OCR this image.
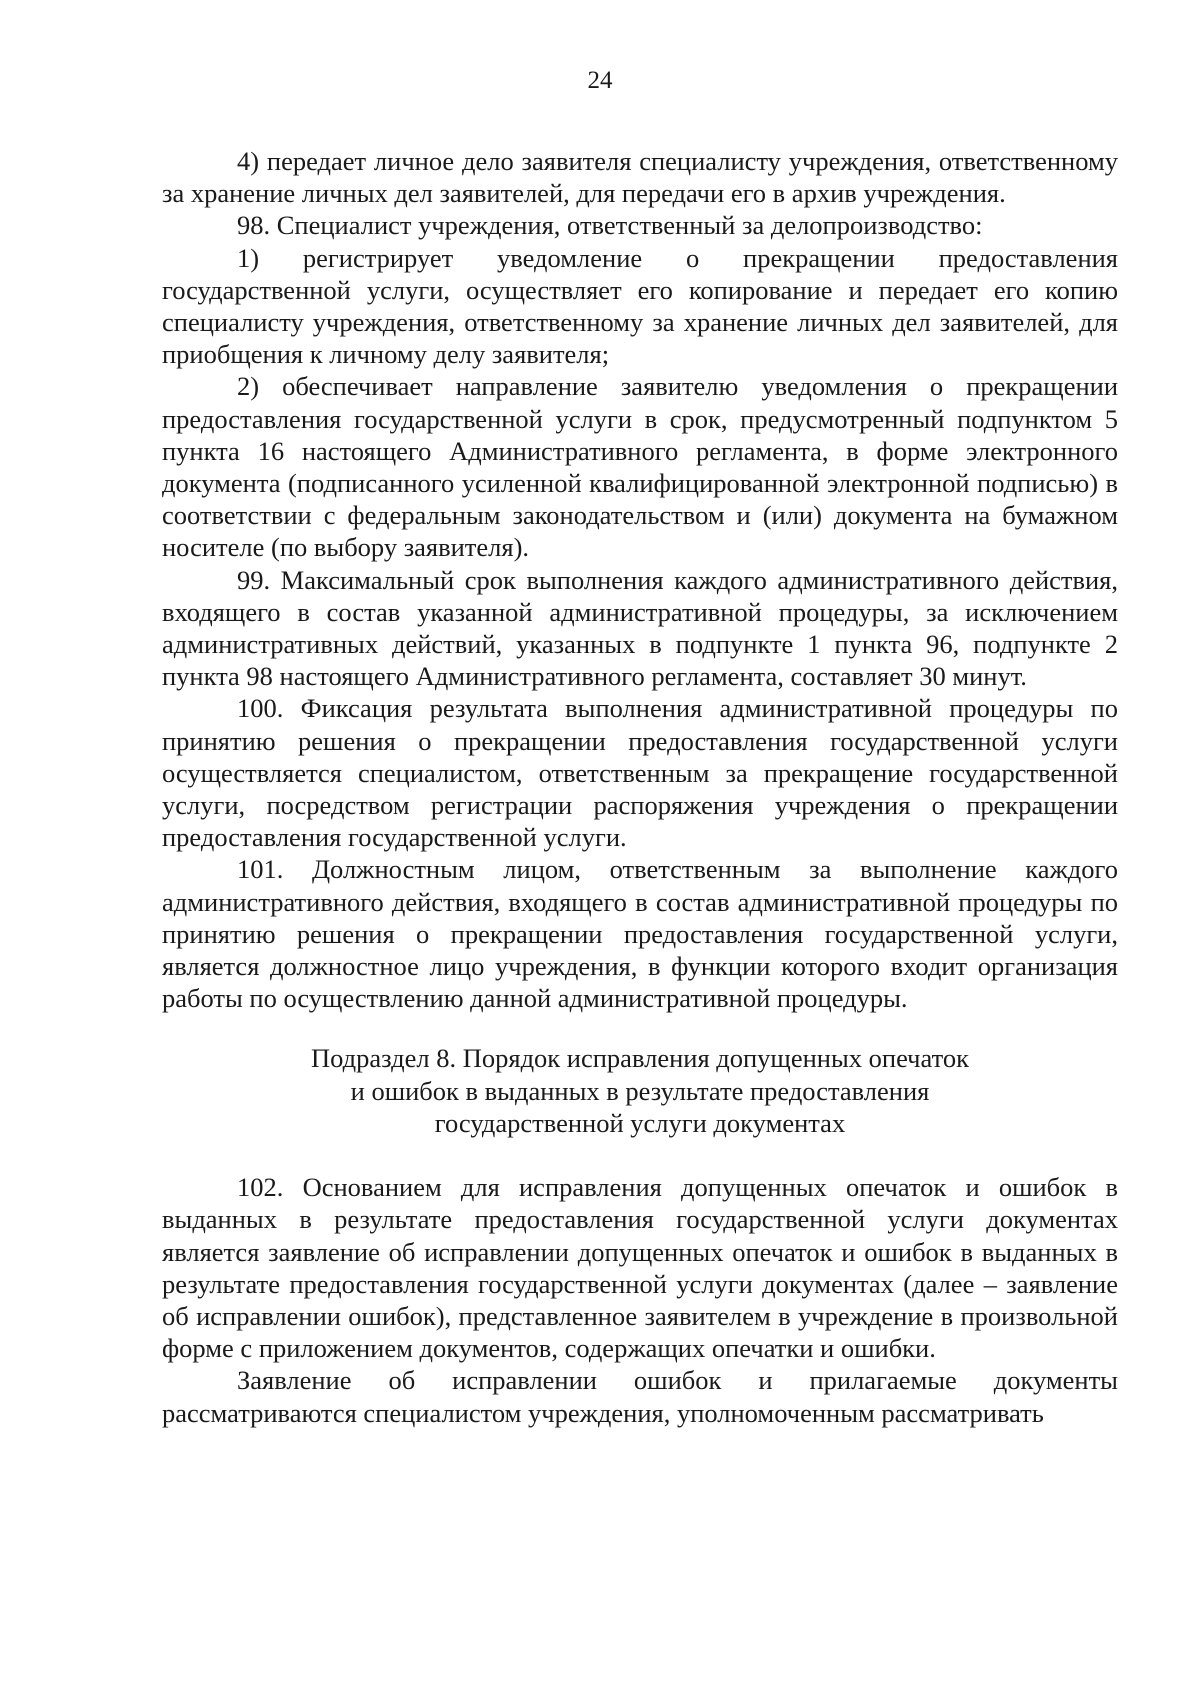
24

4) передает личное дело заявителя специалисту учреждения, ответственному за хранение личных дел заявителей, для передачи его в архив учреждения.

98. Специалист учреждения, ответственный за делопроизводство:

1) регистрирует уведомление о прекращении предоставления государственной услуги, осуществляет его копирование и передает его копию специалисту учреждения, ответственному за хранение личных дел заявителей, для приобщения к личному делу заявителя;

2) обеспечивает направление заявителю уведомления о прекращении предоставления государственной услуги в срок, предусмотренный подпунктом 5 пункта 16 настоящего Административного регламента, в форме электронного документа (подписанного усиленной квалифицированной электронной подписью) в соответствии с федеральным законодательством и (или) документа на бумажном носителе (по выбору заявителя).

99. Максимальный срок выполнения каждого административного действия, входящего в состав указанной административной процедуры, за исключением административных действий, указанных в подпункте 1 пункта 96, подпункте 2 пункта 98 настоящего Административного регламента, составляет 30 минут.

100. Фиксация результата выполнения административной процедуры по принятию решения о прекращении предоставления государственной услуги осуществляется специалистом, ответственным за прекращение государственной услуги, посредством регистрации распоряжения учреждения о прекращении предоставления государственной услуги.

101. Должностным лицом, ответственным за выполнение каждого административного действия, входящего в состав административной процедуры по принятию решения о прекращении предоставления государственной услуги, является должностное лицо учреждения, в функции которого входит организация работы по осуществлению данной административной процедуры.

Подраздел 8. Порядок исправления допущенных опечаток
и ошибок в выданных в результате предоставления
государственной услуги документах

102. Основанием для исправления допущенных опечаток и ошибок в выданных в результате предоставления государственной услуги документах является заявление об исправлении допущенных опечаток и ошибок в выданных в результате предоставления государственной услуги документах (далее – заявление об исправлении ошибок), представленное заявителем в учреждение в произвольной форме с приложением документов, содержащих опечатки и ошибки.

Заявление об исправлении ошибок и прилагаемые документы рассматриваются специалистом учреждения, уполномоченным рассматривать
